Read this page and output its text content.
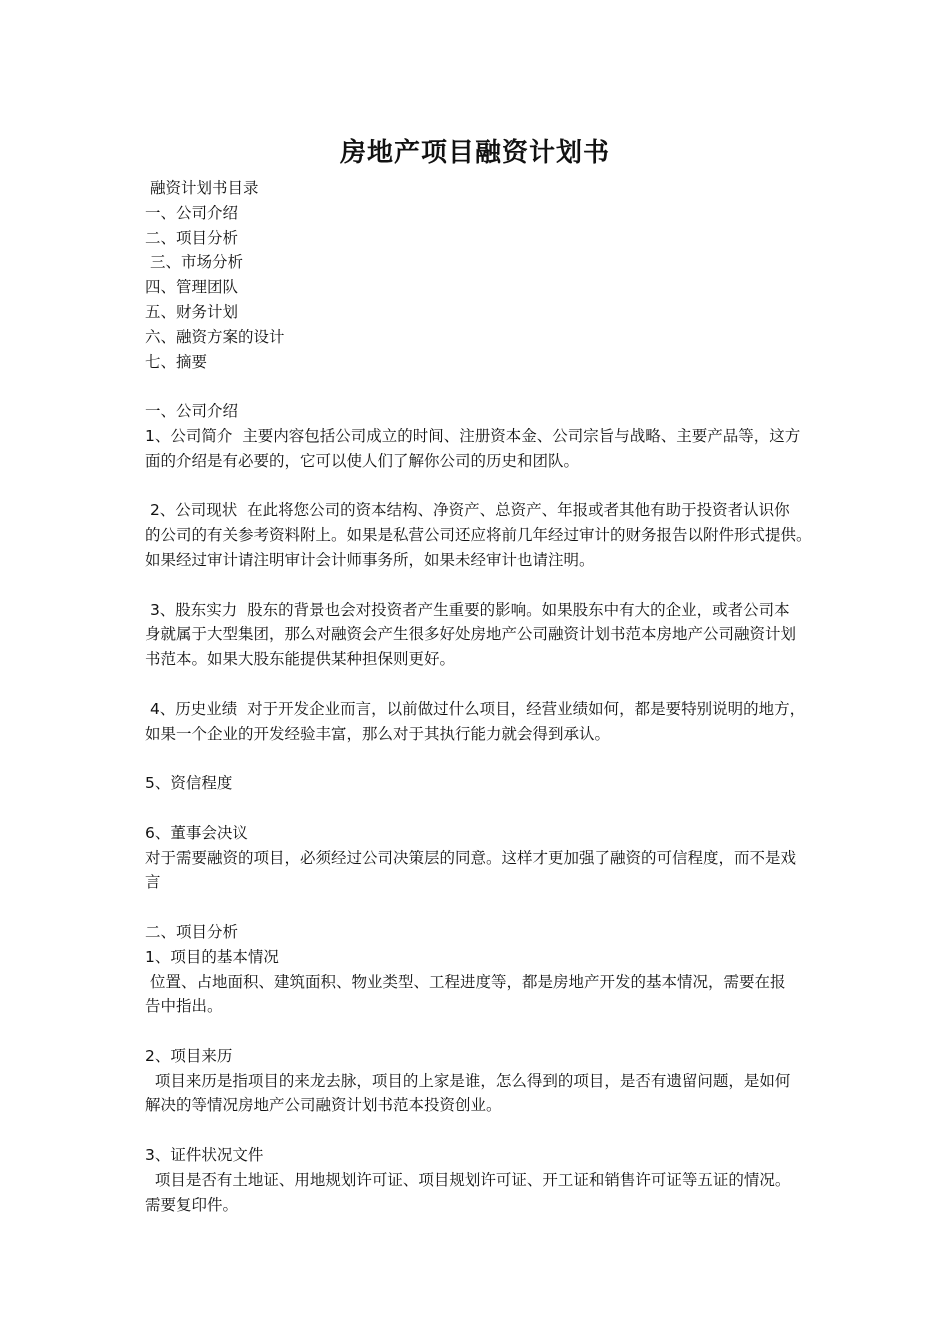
房地产项目融资计划书
融资计划书目录
一、公司介绍
二、项目分析
三、市场分析
四、管理团队
五、财务计划
六、融资方案的设计
七、摘要
一、公司介绍
1、公司简介  主要内容包括公司成立的时间、注册资本金、公司宗旨与战略、主要产品等，这方
面的介绍是有必要的，它可以使人们了解你公司的历史和团队。
2、公司现状  在此将您公司的资本结构、净资产、总资产、年报或者其他有助于投资者认识你
的公司的有关参考资料附上。如果是私营公司还应将前几年经过审计的财务报告以附件形式提供。
如果经过审计请注明审计会计师事务所，如果未经审计也请注明。
3、股东实力  股东的背景也会对投资者产生重要的影响。如果股东中有大的企业，或者公司本
身就属于大型集团，那么对融资会产生很多好处房地产公司融资计划书范本房地产公司融资计划
书范本。如果大股东能提供某种担保则更好。
4、历史业绩  对于开发企业而言，以前做过什么项目，经营业绩如何，都是要特别说明的地方，
如果一个企业的开发经验丰富，那么对于其执行能力就会得到承认。
5、资信程度
6、董事会决议
对于需要融资的项目，必须经过公司决策层的同意。这样才更加强了融资的可信程度，而不是戏
言
二、项目分析
1、项目的基本情况
位置、占地面积、建筑面积、物业类型、工程进度等，都是房地产开发的基本情况，需要在报
告中指出。
2、项目来历
项目来历是指项目的来龙去脉，项目的上家是谁，怎么得到的项目，是否有遗留问题，是如何
解决的等情况房地产公司融资计划书范本投资创业。
3、证件状况文件
项目是否有土地证、用地规划许可证、项目规划许可证、开工证和销售许可证等五证的情况。
需要复印件。
